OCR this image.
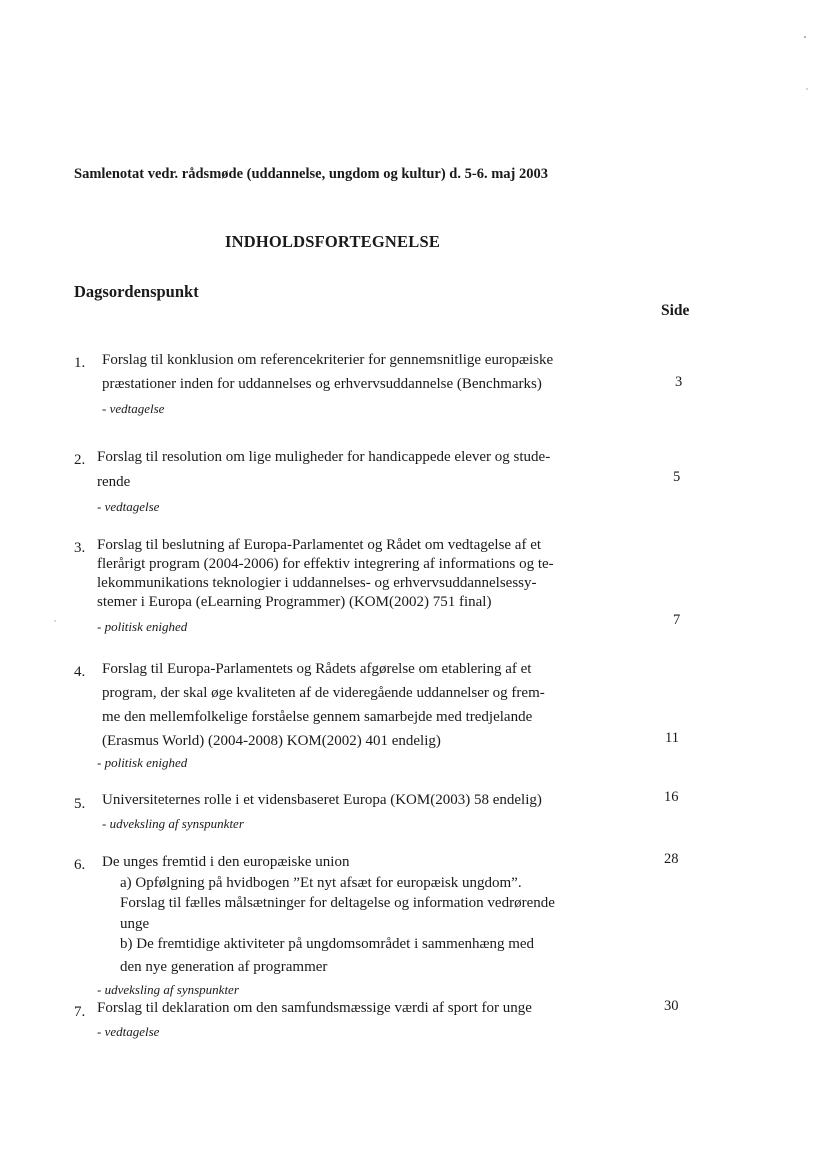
Samlenotat vedr. rådsmøde (uddannelse, ungdom og kultur) d. 5-6. maj 2003
INDHOLDSFORTEGNELSE
Dagsordenspunkt
Side
1. Forslag til konklusion om referencekriterier for gennemsnitlige europæiske
præstationer inden for uddannelses og erhvervsuddannelse (Benchmarks)
- vedtagelse
3
2. Forslag til resolution om lige muligheder for handicappede elever og stude-
rende
- vedtagelse
5
3. Forslag til beslutning af Europa-Parlamentet og Rådet om vedtagelse af et
flerårigt program (2004-2006) for effektiv integrering af informations og te-
lekommunikations teknologier i uddannelses- og erhvervsuddannelsessy-
stemer i Europa (eLearning Programmer) (KOM(2002) 751 final)
- politisk enighed	7
4. Forslag til Europa-Parlamentets og Rådets afgørelse om etablering af et
program, der skal øge kvaliteten af de videregående uddannelser og frem-
me den mellemfolkelige forståelse gennem samarbejde med tredjelande
(Erasmus World) (2004-2008) KOM(2002) 401 endelig)
- politisk enighed
11
5. Universiteternes rolle i et vidensbaseret Europa (KOM(2003) 58 endelig)
- udveksling af synspunkter
16
6. De unges fremtid i den europæiske union
a) Opfølgning på hvidbogen ”Et nyt afsæt for europæisk ungdom”.
Forslag til fælles målsætninger for deltagelse og information vedrørende
unge
b) De fremtidige aktiviteter på ungdomsområdet i sammenhæng med
den nye generation af programmer
- udveksling af synspunkter
28
7. Forslag til deklaration om den samfundsmæssige værdi af sport for unge
- vedtagelse
30
